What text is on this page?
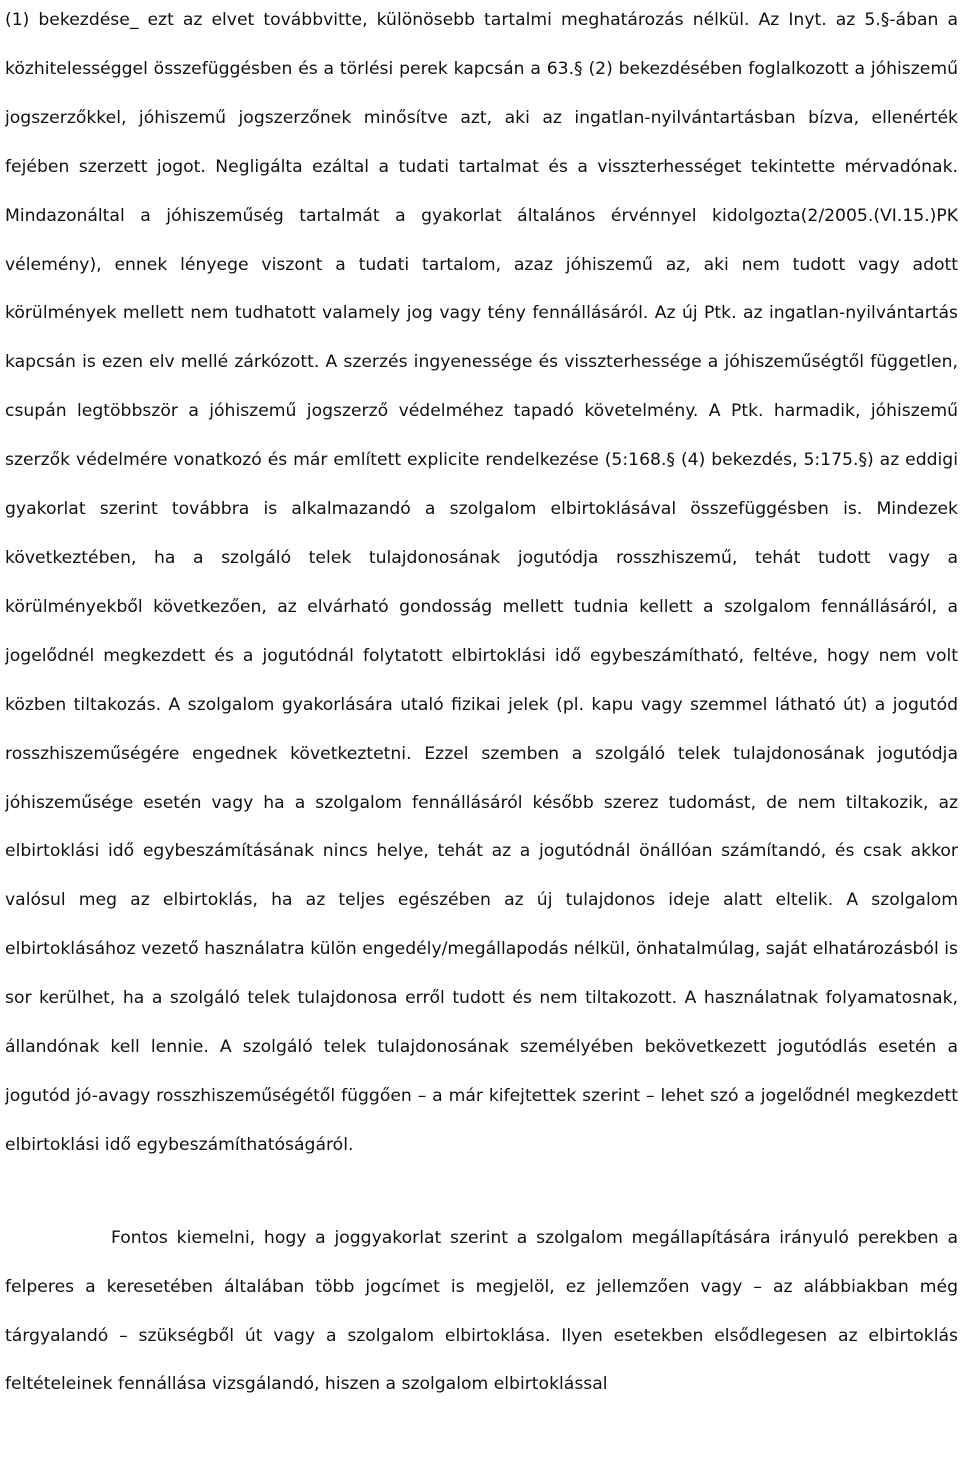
(1) bekezdése_ ezt az elvet továbbvitte, különösebb tartalmi meghatározás nélkül. Az Inyt. az 5.§-ában a közhitelességgel összefüggésben és a törlési perek kapcsán a 63.§ (2) bekezdésében foglalkozott a jóhiszemű jogszerzőkkel, jóhiszemű jogszerzőnek minősítve azt, aki az ingatlan-nyilvántartásban bízva, ellenérték fejében szerzett jogot. Negligálta ezáltal a tudati tartalmat és a visszterhességet tekintette mérvadónak. Mindazonáltal a jóhiszeműség tartalmát a gyakorlat általános érvénnyel kidolgozta(2/2005.(VI.15.)PK vélemény), ennek lényege viszont a tudati tartalom, azaz jóhiszemű az, aki nem tudott vagy adott körülmények mellett nem tudhatott valamely jog vagy tény fennállásáról. Az új Ptk. az ingatlan-nyilvántartás kapcsán is ezen elv mellé zárkózott. A szerzés ingyenessége és visszterhessége a jóhiszeműségtől független, csupán legtöbbször a jóhiszemű jogszerző védelméhez tapadó követelmény. A Ptk. harmadik, jóhiszemű szerzők védelmére vonatkozó és már említett explicite rendelkezése (5:168.§ (4) bekezdés, 5:175.§) az eddigi gyakorlat szerint továbbra is alkalmazandó a szolgalom elbirtoklásával összefüggésben is. Mindezek következtében, ha a szolgáló telek tulajdonosának jogutódja rosszhiszemű, tehát tudott vagy a körülményekből következően, az elvárható gondosság mellett tudnia kellett a szolgalom fennállásáról, a jogelődnél megkezdett és a jogutódnál folytatott elbirtoklási idő egybeszámítható, feltéve, hogy nem volt közben tiltakozás. A szolgalom gyakorlására utaló fizikai jelek (pl. kapu vagy szemmel látható út) a jogutód rosszhiszeműségére engednek következtetni. Ezzel szemben a szolgáló telek tulajdonosának jogutódja jóhiszeműsége esetén vagy ha a szolgalom fennállásáról később szerez tudomást, de nem tiltakozik, az elbirtoklási idő egybeszámításának nincs helye, tehát az a jogutódnál önállóan számítandó, és csak akkor valósul meg az elbirtoklás, ha az teljes egészében az új tulajdonos ideje alatt eltelik. A szolgalom elbirtoklásához vezető használatra külön engedély/megállapodás nélkül, önhatalmúlag, saját elhatározásból is sor kerülhet, ha a szolgáló telek tulajdonosa erről tudott és nem tiltakozott. A használatnak folyamatosnak, állandónak kell lennie. A szolgáló telek tulajdonosának személyében bekövetkezett jogutódlás esetén a jogutód jó-avagy rosszhiszeműségétől függően – a már kifejtettek szerint – lehet szó a jogelődnél megkezdett elbirtoklási idő egybeszámíthatóságáról.

Fontos kiemelni, hogy a joggyakorlat szerint a szolgalom megállapítására irányuló perekben a felperes a keresetében általában több jogcímet is megjelöl, ez jellemzően vagy – az alábbiakban még tárgyalandó – szükségből út vagy a szolgalom elbirtoklása. Ilyen esetekben elsődlegesen az elbirtoklás feltételeinek fennállása vizsgálandó, hiszen a szolgalom elbirtoklással
